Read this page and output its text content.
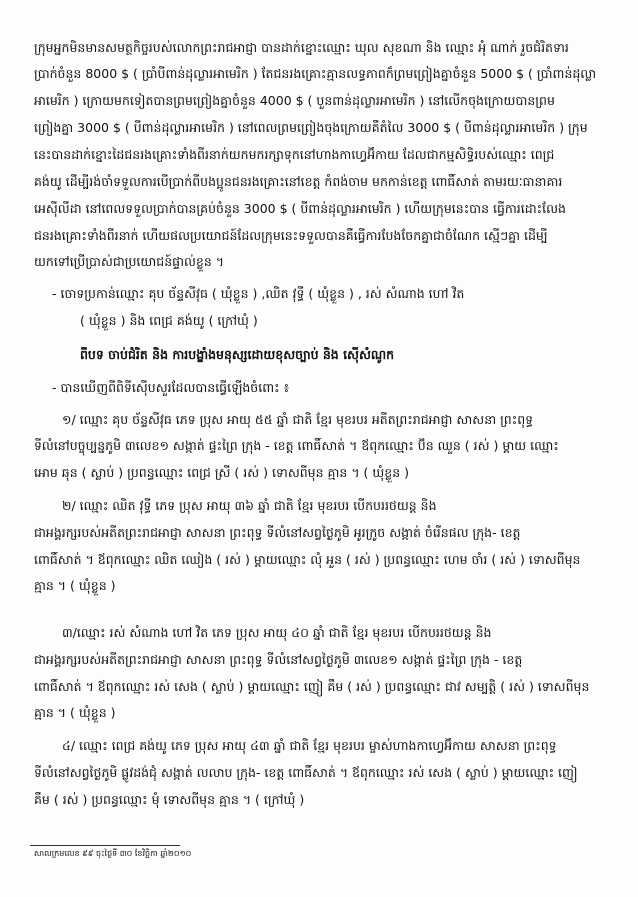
ក្រុមអ្នកមិនមានសមត្ថកិច្ចរបស់លោកព្រះរាជអាជ្ញា បានដាក់ខ្នោះឈ្មោះ ឃុល សុខណា និង ឈ្មោះ អុំ ណាក់ រួចជំរិតទារ
ប្រាក់ចំនួន 8000 $ ( ប្រាំបីពាន់ដុល្លារអាមេរិក ) តែជនរងគ្រោះគ្មានលទ្ធភាពក៏ព្រមព្រៀងគ្នាចំនួន 5000 $ ( ប្រាំពាន់ដុល្លា
អាមេរិក ) ក្រោយមកទៀតបានព្រមព្រៀងគ្នាចំនួន 4000 $ ( បួនពាន់ដុល្លារអាមេរិក ) នៅលើកចុងក្រោយបានព្រម
ព្រៀងគ្នា 3000 $ ( បីពាន់ដុល្លារអាមេរិក ) នៅពេលព្រមព្រៀងចុងក្រោយគឺតំលៃ 3000 $ ( បីពាន់ដុល្លារអាមេរិក ) ក្រុម
នេះបានដាក់ខ្នោះដៃជនរងគ្រោះទាំងពីរនាក់យកមករក្សាទុកនៅហាងកាហ្វេអ៊ីកាយ ដែលជាកម្មសិទ្ធិរបស់ឈ្មោះ ពេជ្រ
គង់យូ ដើម្បីរង់ចាំទទួលការបើប្រាក់ពីបងប្អូនជនរងគ្រោះនៅខេត្ត កំពង់ចាម មកកាន់ខេត្ត ពោធិ៍សាត់ តាមរយៈធានាគារ
អេស៊ីលីដា នៅពេលទទួលប្រាក់បានគ្រប់ចំនួន 3000 $ ( បីពាន់ដុល្លារអាមេរិក ) ហើយក្រុមនេះបាន ធ្វើការដោះលែង
ជនរងគ្រោះទាំងពីរនាក់ ហើយផលប្រយោជន៍ដែលក្រុមនេះទទួលបានគឺធ្វើការបែងចែកគ្នាជាចំណែក ស្មើៗគ្នា ដើម្បី
យកទៅប្រើប្រាស់ជាប្រយោជន៍ផ្ទាល់ខ្លួន ។
- ចោទប្រកាន់ឈ្មោះ គុប ច័ន្ទសីវុធ ( ឃុំខ្លួន ) ,ឈិត វុទ្ធី ( ឃុំខ្លួន ) , រស់ សំណាង ហៅ វិត
( ឃុំខ្លួន ) និង ពេជ្រ គង់យូ ( ក្រៅឃុំ )
ពីបទ ចាប់ជំរិត និង ការបង្ខាំងមនុស្សដោយខុសច្បាប់ និង ស៊ើសំណូក
- បានឃើញពីពិទីស៊ើបសួរដែលបានធ្វើឡើងចំពោះ ៖
១/ ឈ្មោះ គុប ច័ន្ទសីវុធ ភេទ ប្រុស អាយុ ៥៥ ឆ្នាំ ជាតិ ខ្មែរ មុខរបរ អតីតព្រះរាជអាជ្ញា សាសនា ព្រះពុទ្ធ
ទីលំនៅបច្ចុប្បន្នភូមិ ៣លេខ១ សង្កាត់ ផ្ទះព្រៃ ក្រុង - ខេត្ត ពោធិ៍សាត់ ។ ឪពុកឈ្មោះ ប៊ិន ឈួន ( រស់ ) ម្តាយ ឈ្មោះ
អោម ឆុន ( ស្លាប់ ) ប្រពន្ធឈ្មោះ ពេជ្រ ស្រី ( រស់ ) ទោសពីមុន គ្មាន ។ ( ឃុំខ្លួន )
២/ ឈ្មោះ ឈិត វុទ្ធី ភេទ ប្រុស អាយុ ៣៦ ឆ្នាំ ជាតិ ខ្មែរ មុខរបរ បើកបររថយន្ត និង
ជាអង្គរក្សរបស់អតីតព្រះរាជអាជ្ញា សាសនា ព្រះពុទ្ធ ទីលំនៅសព្វថ្ងៃភូមិ អូរក្រូច សង្កាត់ ចំរើនផល ក្រុង- ខេត្ត
ពោធិ៍សាត់ ។ ឪពុកឈ្មោះ ឈិត ឈៀង ( រស់ ) ម្តាយឈ្មោះ លុំ អួន ( រស់ ) ប្រពន្ធឈ្មោះ ហេម ចាំរ ( រស់ ) ទោសពីមុន
គ្មាន ។ ( ឃុំខ្លួន )
៣/ឈ្មោះ រស់ សំណាង ហៅ វិត ភេទ ប្រុស អាយុ ៤០ ឆ្នាំ ជាតិ ខ្មែរ មុខរបរ បើកបររថយន្ត និង
ជាអង្គរក្សរបស់អតីតព្រះរាជអាជ្ញា សាសនា ព្រះពុទ្ធ ទីលំនៅសព្វថ្ងៃភូមិ ៣លេខ១ សង្កាត់ ផ្ទះព្រៃ ក្រុង - ខេត្ត
ពោធិ៍សាត់ ។ ឪពុកឈ្មោះ រស់ សេង ( ស្លាប់ ) ម្តាយឈ្មោះ ញៀ គឹម ( រស់ ) ប្រពន្ធឈ្មោះ ជាវ សម្បត្តិ ( រស់ ) ទោសពីមុន
គ្មាន ។ ( ឃុំខ្លួន )
៤/ ឈ្មោះ ពេជ្រ គង់យូ ភេទ ប្រុស អាយុ ៤៣ ឆ្នាំ ជាតិ ខ្មែរ មុខរបរ ម្ចាស់ហាងកាហ្វេអ៊ីកាយ សាសនា ព្រះពុទ្ធ
ទីលំនៅសព្វថ្ងៃភូមិ ផ្លូវដង់ជុំ សង្កាត់ លលាប ក្រុង- ខេត្ត ពោធិ៍សាត់ ។ ឪពុកឈ្មោះ រស់ សេង ( ស្លាប់ ) ម្តាយឈ្មោះ ញៀ
គឹម ( រស់ ) ប្រពន្ធឈ្មោះ មុំ ទោសពីមុន គ្មាន ។ ( ក្រៅឃុំ )
សាលក្រមលេខ ៩៩ ចុះថ្ងៃទី ៣០ ខែវិច្ឆិកា ឆ្នាំ២០១០
